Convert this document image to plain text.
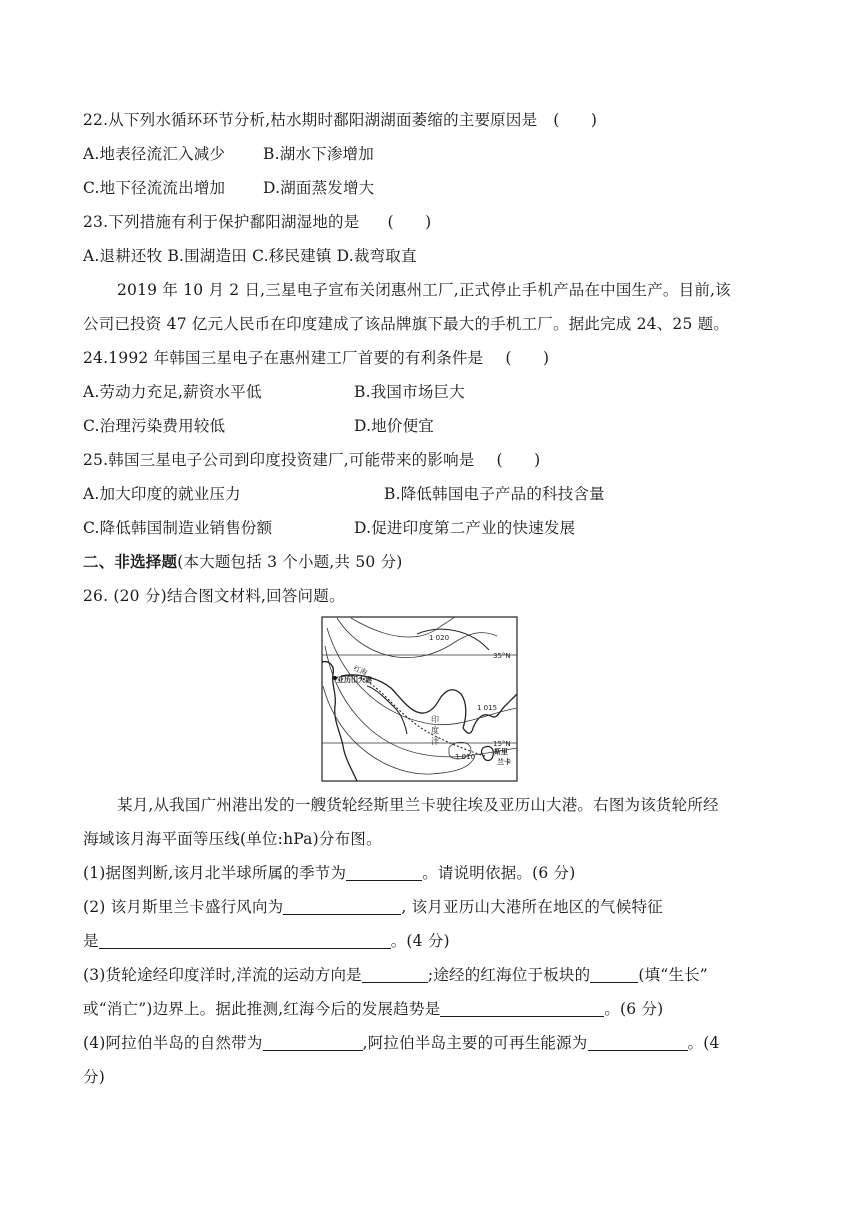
22.从下列水循环环节分析,枯水期时鄱阳湖湖面萎缩的主要原因是 (　　)
A.地表径流汇入减少 B.湖水下渗增加
C.地下径流流出增加 D.湖面蒸发增大
23.下列措施有利于保护鄱阳湖湿地的是 (　　)
A.退耕还牧 B.围湖造田 C.移民建镇 D.裁弯取直
2019 年 10 月 2 日,三星电子宣布关闭惠州工厂,正式停止手机产品在中国生产。目前,该
公司已投资 47 亿元人民币在印度建成了该品牌旗下最大的手机工厂。据此完成 24、25 题。
24.1992 年韩国三星电子在惠州建工厂首要的有利条件是 (　　)
A.劳动力充足,薪资水平低	B.我国市场巨大
C.治理污染费用较低	D.地价便宜
25.韩国三星电子公司到印度投资建厂,可能带来的影响是 (　　)
A.加大印度的就业压力	B.降低韩国电子产品的科技含量
C.降低韩国制造业销售份额	D.促进印度第二产业的快速发展
二、非选择题(本大题包括 3 个小题,共 50 分)
26. (20 分)结合图文材料,回答问题。
1 020
1 015
1 010
35°N
15°N
红海
亚历山大港
印
度
洋
斯里
兰卡
某月,从我国广州港出发的一艘货轮经斯里兰卡驶往埃及亚历山大港。右图为该货轮所经
海域该月海平面等压线(单位:hPa)分布图。
(1)据图判断,该月北半球所属的季节为	。请说明依据。(6 分)
(2) 该月斯里兰卡盛行风向为	, 该月亚历山大港所在地区的气候特征
是	。(4 分)
(3)货轮途经印度洋时,洋流的运动方向是	;途经的红海位于板块的	(填“生长”
或“消亡”)边界上。据此推测,红海今后的发展趋势是	。(6 分)
(4)阿拉伯半岛的自然带为	,阿拉伯半岛主要的可再生能源为	。(4
分)
